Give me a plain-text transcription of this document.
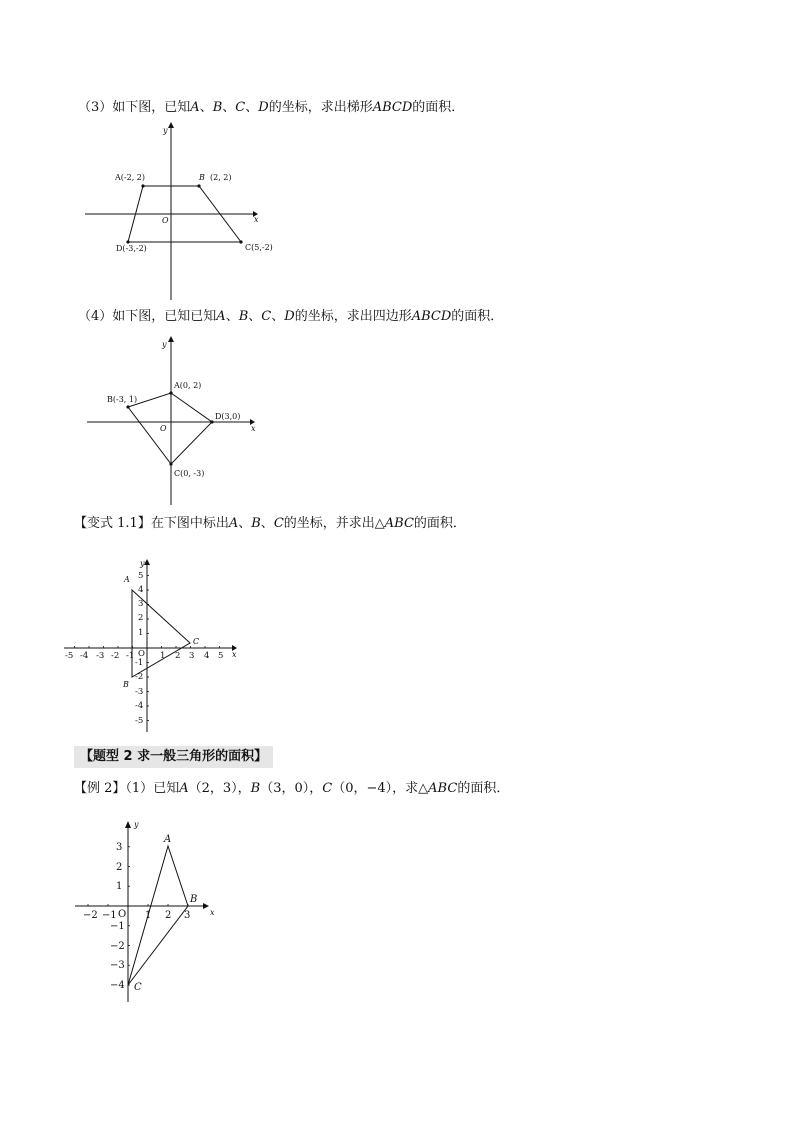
（3）如下图，已知A、B、C、D的坐标，求出梯形ABCD的面积．
y
x
O
A(-2, 2)	B (2, 2)
C(5,-2)
D(-3,-2)
（4）如下图，已知已知A、B、C、D的坐标，求出四边形ABCD的面积．
y
x
O
A(0, 2)
B(-3, 1)
C(0, -3)
D(3,0)
【变式 1.1】在下图中标出A、B、C的坐标，并求出△ABC的面积．
y
x
O
A
C
B
-5 -4 -3 -2 -1	1 2 3 4 5
5
4
3
2
1
-1
-2
-3
-4
-5
【题型 2 求一般三角形的面积】
【例 2】（1）已知A（2，3），B（3，0），C（0，−4），求△ABC的面积．
y
x
O
A
B
C
−2 −1	1 2 3
3
2
1
−1
−2
−3
−4
